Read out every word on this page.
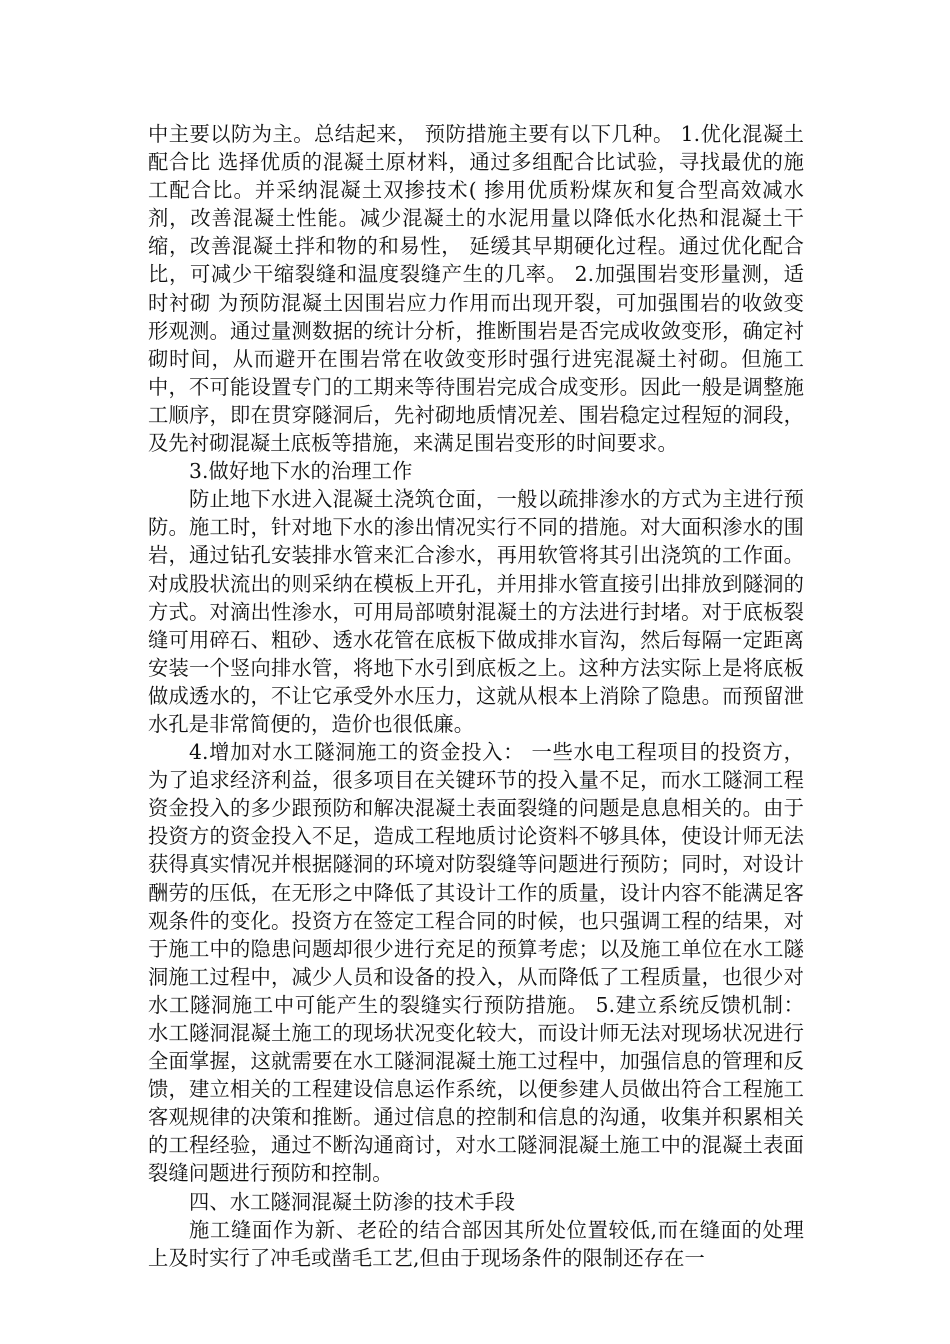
中主要以防为主。总结起来， 预防措施主要有以下几种。 1.优化混凝土配合比 选择优质的混凝土原材料，通过多组配合比试验，寻找最优的施工配合比。并采纳混凝土双掺技术( 掺用优质粉煤灰和复合型高效减水剂，改善混凝土性能。减少混凝土的水泥用量以降低水化热和混凝土干缩，改善混凝土拌和物的和易性， 延缓其早期硬化过程。通过优化配合比，可减少干缩裂缝和温度裂缝产生的几率。 2.加强围岩变形量测，适时衬砌 为预防混凝土因围岩应力作用而出现开裂，可加强围岩的收敛变形观测。通过量测数据的统计分析，推断围岩是否完成收敛变形，确定衬砌时间，从而避开在围岩常在收敛变形时强行进宪混凝土衬砌。但施工中，不可能设置专门的工期来等待围岩完成合成变形。因此一般是调整施工顺序，即在贯穿隧洞后，先衬砌地质情况差、围岩稳定过程短的洞段，及先衬砌混凝土底板等措施，来满足围岩变形的时间要求。

3.做好地下水的治理工作

防止地下水进入混凝土浇筑仓面，一般以疏排渗水的方式为主进行预防。施工时，针对地下水的渗出情况实行不同的措施。对大面积渗水的围岩，通过钻孔安装排水管来汇合渗水，再用软管将其引出浇筑的工作面。对成股状流出的则采纳在模板上开孔，并用排水管直接引出排放到隧洞的方式。对滴出性渗水，可用局部喷射混凝土的方法进行封堵。对于底板裂缝可用碎石、粗砂、透水花管在底板下做成排水盲沟，然后每隔一定距离安装一个竖向排水管，将地下水引到底板之上。这种方法实际上是将底板做成透水的，不让它承受外水压力，这就从根本上消除了隐患。而预留泄水孔是非常简便的，造价也很低廉。

4.增加对水工隧洞施工的资金投入： 一些水电工程项目的投资方，为了追求经济利益，很多项目在关键环节的投入量不足，而水工隧洞工程资金投入的多少跟预防和解决混凝土表面裂缝的问题是息息相关的。由于投资方的资金投入不足，造成工程地质讨论资料不够具体，使设计师无法获得真实情况并根据隧洞的环境对防裂缝等问题进行预防；同时，对设计酬劳的压低，在无形之中降低了其设计工作的质量，设计内容不能满足客观条件的变化。投资方在签定工程合同的时候，也只强调工程的结果，对于施工中的隐患问题却很少进行充足的预算考虑；以及施工单位在水工隧洞施工过程中，减少人员和设备的投入，从而降低了工程质量，也很少对水工隧洞施工中可能产生的裂缝实行预防措施。 5.建立系统反馈机制： 水工隧洞混凝土施工的现场状况变化较大，而设计师无法对现场状况进行全面掌握，这就需要在水工隧洞混凝土施工过程中，加强信息的管理和反馈，建立相关的工程建设信息运作系统，以便参建人员做出符合工程施工客观规律的决策和推断。通过信息的控制和信息的沟通，收集并积累相关的工程经验，通过不断沟通商讨，对水工隧洞混凝土施工中的混凝土表面裂缝问题进行预防和控制。

四、水工隧洞混凝土防渗的技术手段

施工缝面作为新、老砼的结合部因其所处位置较低,而在缝面的处理上及时实行了冲毛或凿毛工艺,但由于现场条件的限制还存在一
